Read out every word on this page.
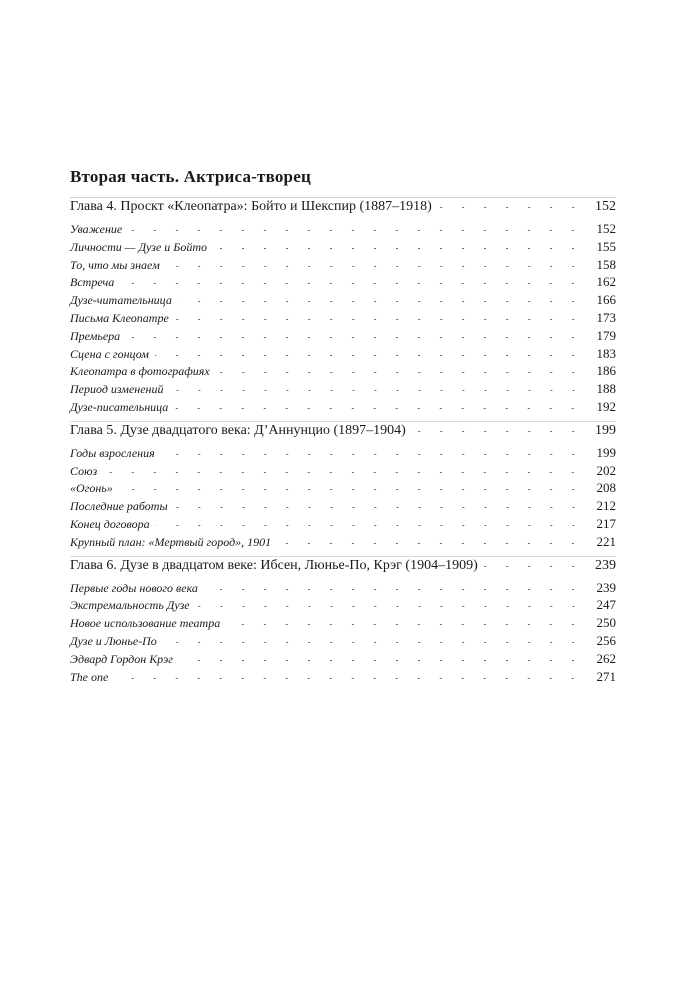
Вторая часть. Актриса-творец
Глава 4. Проскт «Клеопатра»: Бойто и Шекспир (1887–1918)	152
Уважение	152
Личности — Дузе и Бойто	155
То, что мы знаем	158
Встреча	162
Дузе-читательница	166
Письма Клеопатре	173
Премьера	179
Сцена с гонцом	183
Клеопатра в фотографиях	186
Период изменений	188
Дузе-писательница	192
Глава 5. Дузе двадцатого века: Д’Аннунцио (1897–1904)	199
Годы взросления	199
Союз	202
«Огонь»	208
Последние работы	212
Конец договора	217
Крупный план: «Мертвый город», 1901	221
Глава 6. Дузе в двадцатом веке: Ибсен, Люнье-По, Крэг (1904–1909)	239
Первые годы нового века	239
Экстремальность Дузе	247
Новое использование театра	250
Дузе и Люнье-По	256
Эдвард Гордон Крэг	262
The one	271
